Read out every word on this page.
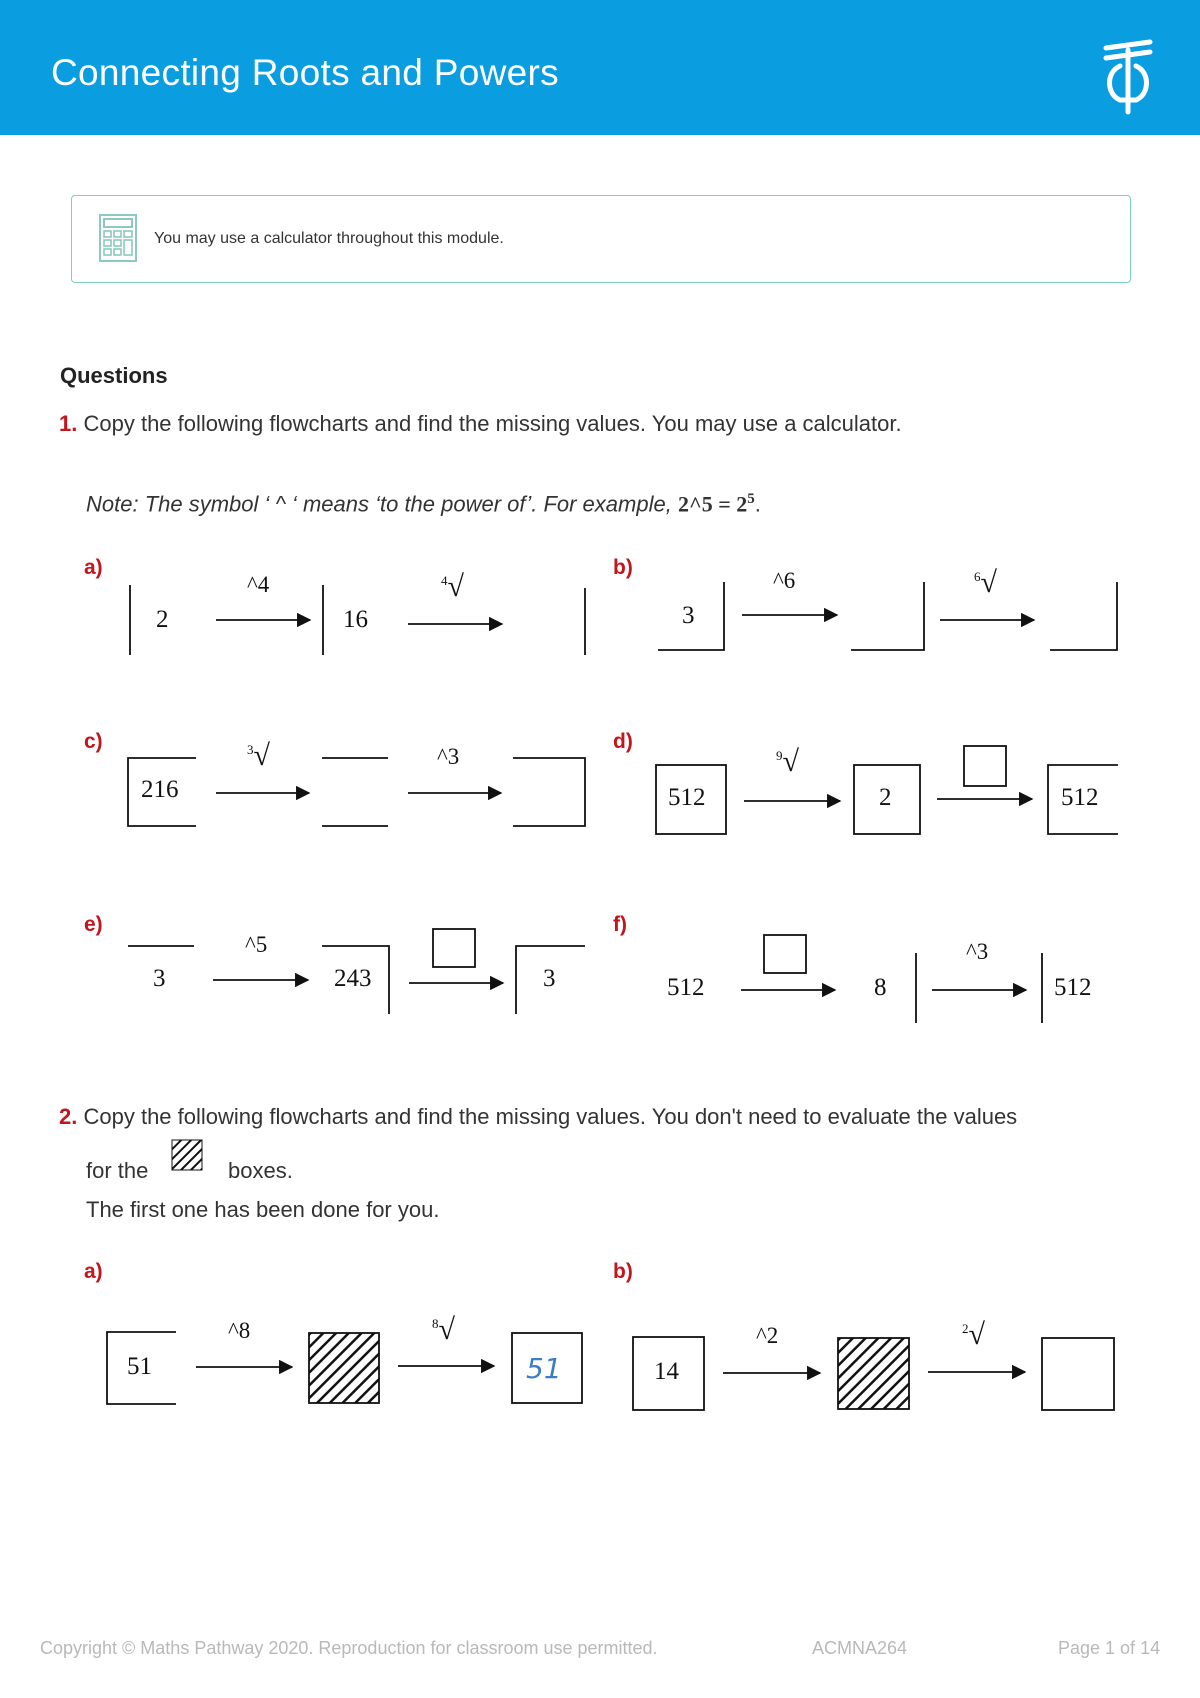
Connecting Roots and Powers
You may use a calculator throughout this module.
Questions
1. Copy the following flowcharts and find the missing values. You may use a calculator.
Note: The symbol ‘ ^ ‘ means ‘to the power of’. For example, 2^5 = $2^5$.
a)	b)
c)	d)
e)	f)
2
^4
16
$^4$√
3
^6	$^6$√
216
$^3$√	^3
512
$^9$√
2	512
3
^5
243	3	512	8
^3
512
2. Copy the following flowcharts and find the missing values. You don't need to evaluate the values
for the	boxes.
The first one has been done for you.
a)	b)
51
^8	$^8$√
51	14
^2	$^2$√
Copyright © Maths Pathway 2020. Reproduction for classroom use permitted.	ACMNA264	Page 1 of 14
